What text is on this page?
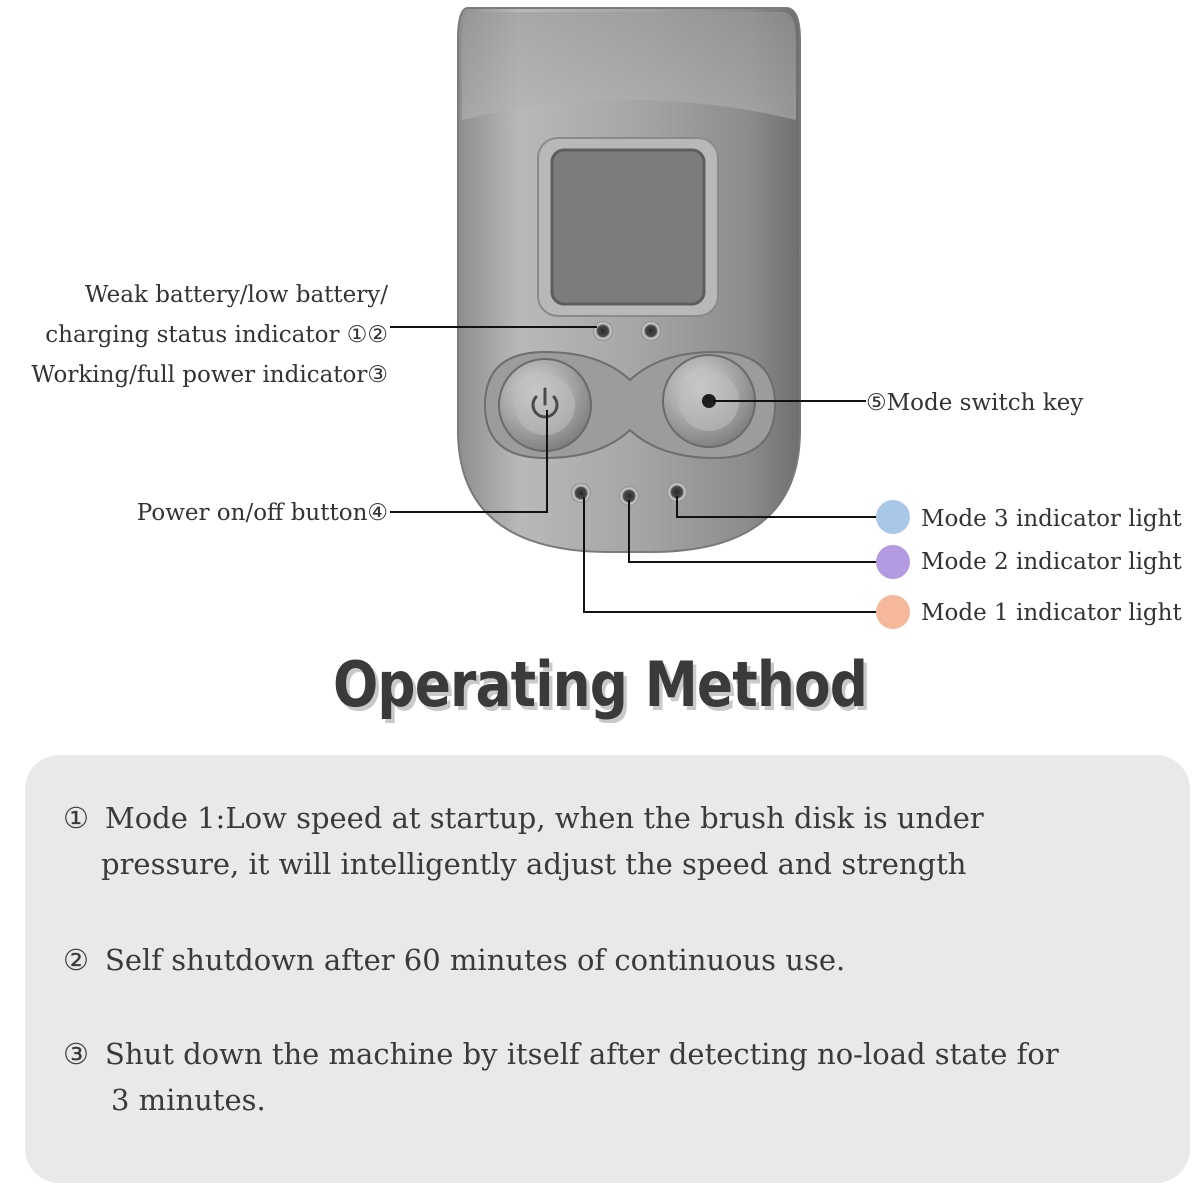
Weak battery/low battery/
charging status indicator ①②
Working/full power indicator③
Power on/off button④
⑤Mode switch key
Mode 3 indicator light
Mode 2 indicator light
Mode 1 indicator light
Operating Method
① Mode 1:Low speed at startup, when the brush disk is under
pressure, it will intelligently adjust the speed and strength
② Self shutdown after 60 minutes of continuous use.
③ Shut down the machine by itself after detecting no-load state for
3 minutes.
